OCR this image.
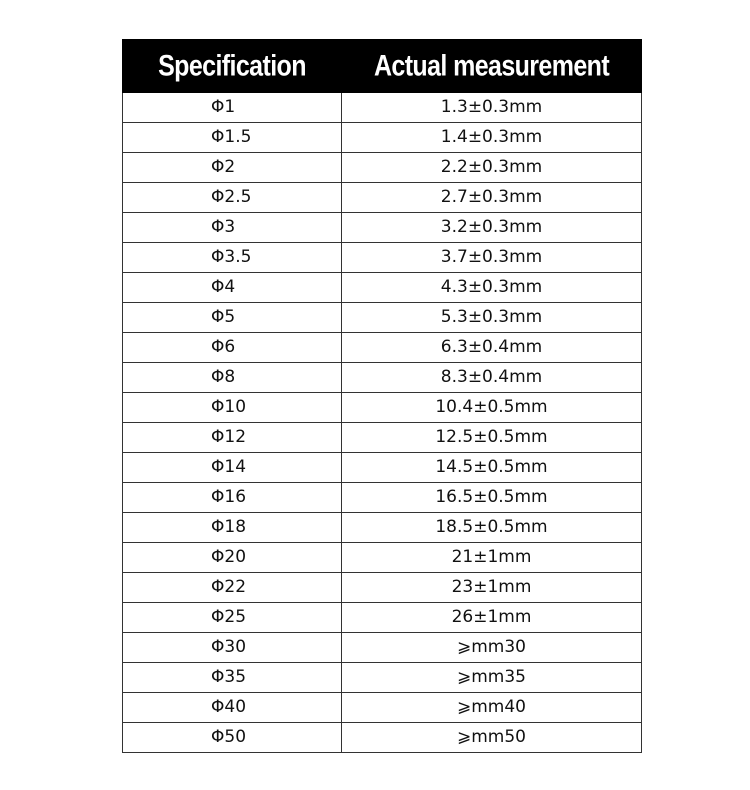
Specification	Actual measurement
Φ1	1.3±0.3mm
Φ1.5	1.4±0.3mm
Φ2	2.2±0.3mm
Φ2.5	2.7±0.3mm
Φ3	3.2±0.3mm
Φ3.5	3.7±0.3mm
Φ4	4.3±0.3mm
Φ5	5.3±0.3mm
Φ6	6.3±0.4mm
Φ8	8.3±0.4mm
Φ10	10.4±0.5mm
Φ12	12.5±0.5mm
Φ14	14.5±0.5mm
Φ16	16.5±0.5mm
Φ18	18.5±0.5mm
Φ20	21±1mm
Φ22	23±1mm
Φ25	26±1mm
Φ30	⩾mm30
Φ35	⩾mm35
Φ40	⩾mm40
Φ50	⩾mm50
